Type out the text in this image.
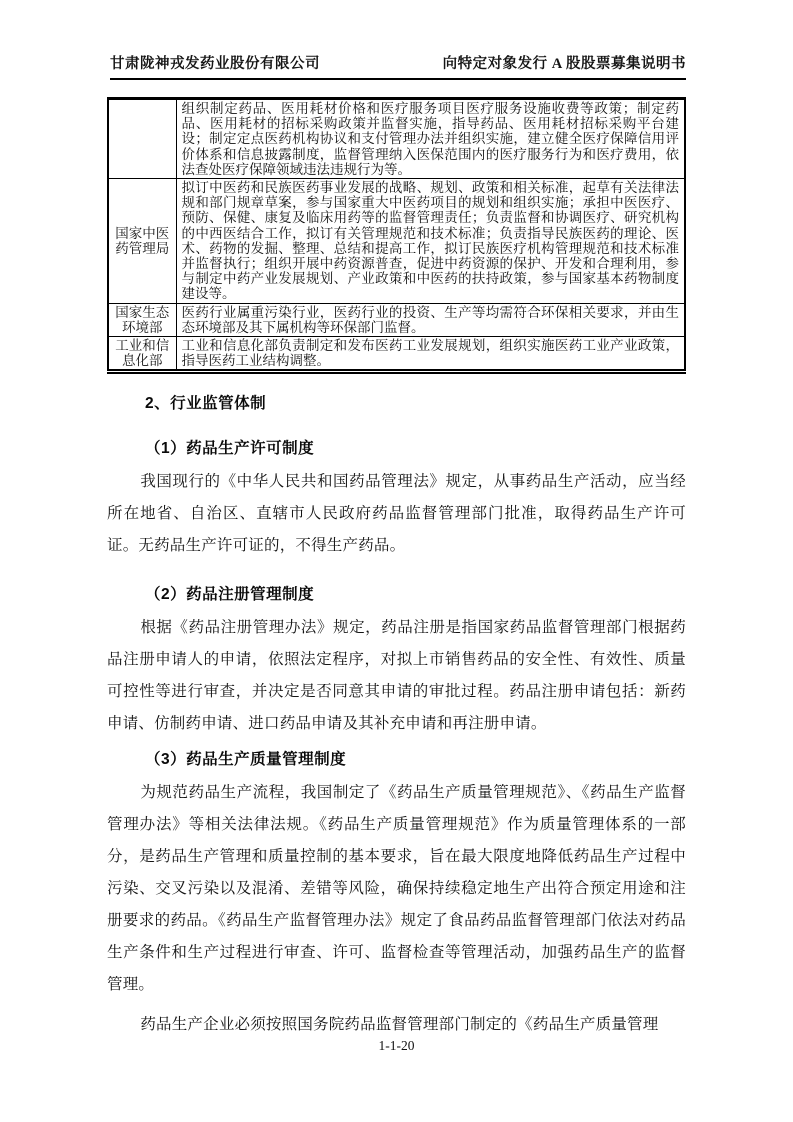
甘肃陇神戎发药业股份有限公司	向特定对象发行 A 股股票募集说明书
	组织制定药品、医用耗材价格和医疗服务项目医疗服务设施收费等政策；制定药品、医用耗材的招标采购政策并监督实施，指导药品、医用耗材招标采购平台建设；制定定点医药机构协议和支付管理办法并组织实施，建立健全医疗保障信用评价体系和信息披露制度，监督管理纳入医保范围内的医疗服务行为和医疗费用，依法查处医疗保障领域违法违规行为等。
国家中医药管理局	拟订中医药和民族医药事业发展的战略、规划、政策和相关标准，起草有关法律法规和部门规章草案，参与国家重大中医药项目的规划和组织实施；承担中医医疗、预防、保健、康复及临床用药等的监督管理责任；负责监督和协调医疗、研究机构的中西医结合工作，拟订有关管理规范和技术标准；负责指导民族医药的理论、医术、药物的发掘、整理、总结和提高工作，拟订民族医疗机构管理规范和技术标准并监督执行；组织开展中药资源普查，促进中药资源的保护、开发和合理利用，参与制定中药产业发展规划、产业政策和中医药的扶持政策，参与国家基本药物制度建设等。
国家生态环境部	医药行业属重污染行业，医药行业的投资、生产等均需符合环保相关要求，并由生态环境部及其下属机构等环保部门监督。
工业和信息化部	工业和信息化部负责制定和发布医药工业发展规划，组织实施医药工业产业政策，指导医药工业结构调整。
2、行业监管体制
（1）药品生产许可制度

我国现行的《中华人民共和国药品管理法》规定，从事药品生产活动，应当经所在地省、自治区、直辖市人民政府药品监督管理部门批准，取得药品生产许可证。无药品生产许可证的，不得生产药品。

（2）药品注册管理制度

根据《药品注册管理办法》规定，药品注册是指国家药品监督管理部门根据药品注册申请人的申请，依照法定程序，对拟上市销售药品的安全性、有效性、质量可控性等进行审查，并决定是否同意其申请的审批过程。药品注册申请包括：新药申请、仿制药申请、进口药品申请及其补充申请和再注册申请。

（3）药品生产质量管理制度

为规范药品生产流程，我国制定了《药品生产质量管理规范》、《药品生产监督管理办法》等相关法律法规。《药品生产质量管理规范》作为质量管理体系的一部分，是药品生产管理和质量控制的基本要求，旨在最大限度地降低药品生产过程中污染、交叉污染以及混淆、差错等风险，确保持续稳定地生产出符合预定用途和注册要求的药品。《药品生产监督管理办法》规定了食品药品监督管理部门依法对药品生产条件和生产过程进行审查、许可、监督检查等管理活动，加强药品生产的监督管理。

药品生产企业必须按照国务院药品监督管理部门制定的《药品生产质量管理

1-1-20
